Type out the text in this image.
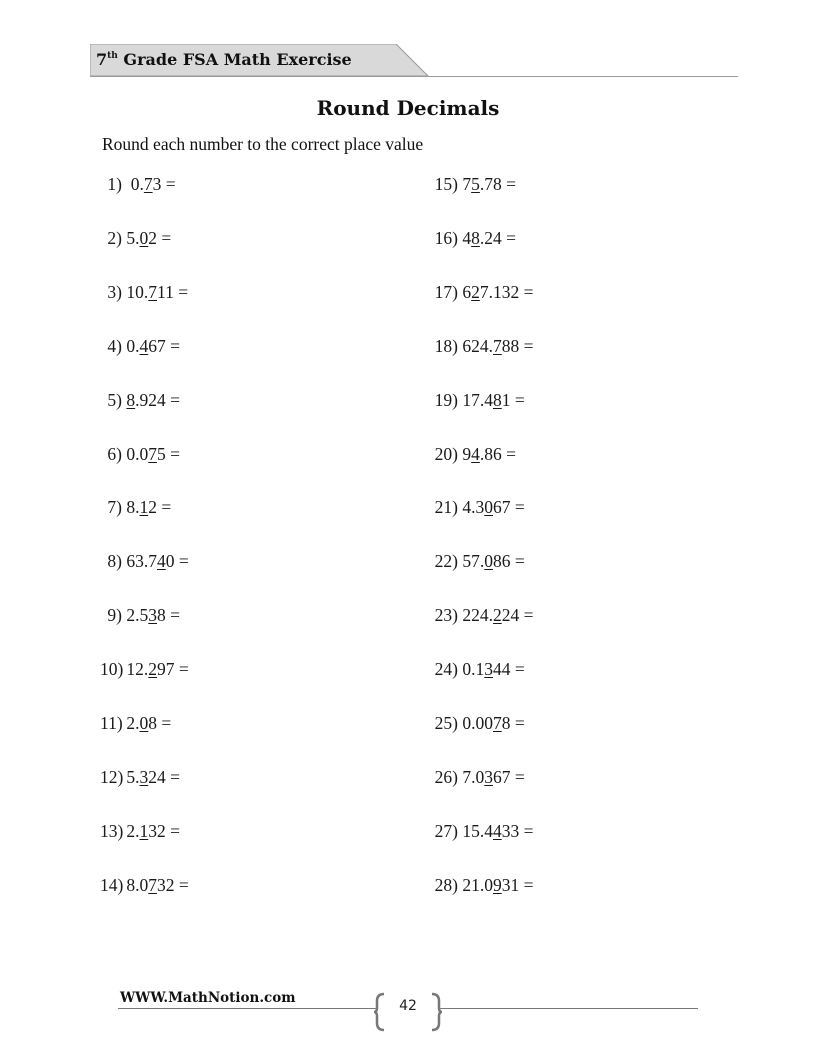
7th Grade FSA Math Exercise
Round Decimals
Round each number to the correct place value
1)  0.73 =
2) 5.02 =
3) 10.711 =
4) 0.467 =
5) 8.924 =
6) 0.075 =
7) 8.12 =
8) 63.740 =
9) 2.538 =
10) 12.297 =
11) 2.08 =
12) 5.324 =
13) 2.132 =
14) 8.0732 =
15) 75.78 =
16) 48.24 =
17) 627.132 =
18) 624.788 =
19) 17.481 =
20) 94.86 =
21) 4.3067 =
22) 57.086 =
23) 224.224 =
24) 0.1344 =
25) 0.0078 =
26) 7.0367 =
27) 15.4433 =
28) 21.0931 =
WWW.MathNotion.com	42
